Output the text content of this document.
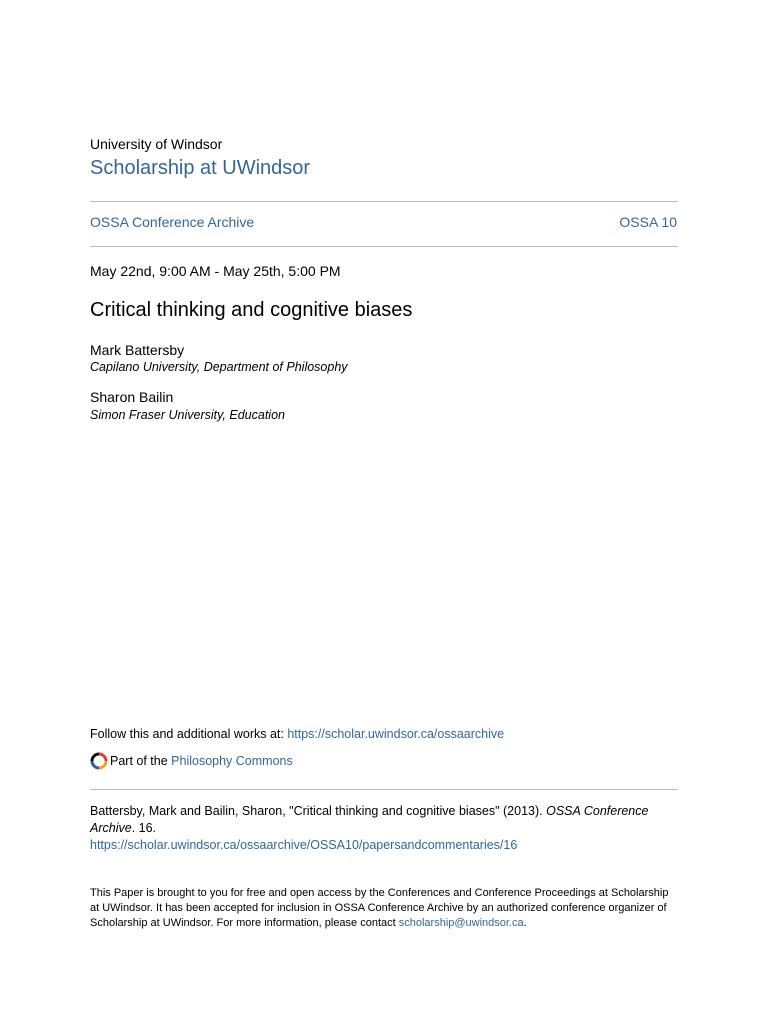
University of Windsor
Scholarship at UWindsor
OSSA Conference Archive	OSSA 10
May 22nd, 9:00 AM - May 25th, 5:00 PM
Critical thinking and cognitive biases
Mark Battersby
Capilano University, Department of Philosophy
Sharon Bailin
Simon Fraser University, Education
Follow this and additional works at: https://scholar.uwindsor.ca/ossaarchive
Part of the Philosophy Commons
Battersby, Mark and Bailin, Sharon, "Critical thinking and cognitive biases" (2013). OSSA Conference Archive. 16.
https://scholar.uwindsor.ca/ossaarchive/OSSA10/papersandcommentaries/16
This Paper is brought to you for free and open access by the Conferences and Conference Proceedings at Scholarship at UWindsor. It has been accepted for inclusion in OSSA Conference Archive by an authorized conference organizer of Scholarship at UWindsor. For more information, please contact scholarship@uwindsor.ca.
